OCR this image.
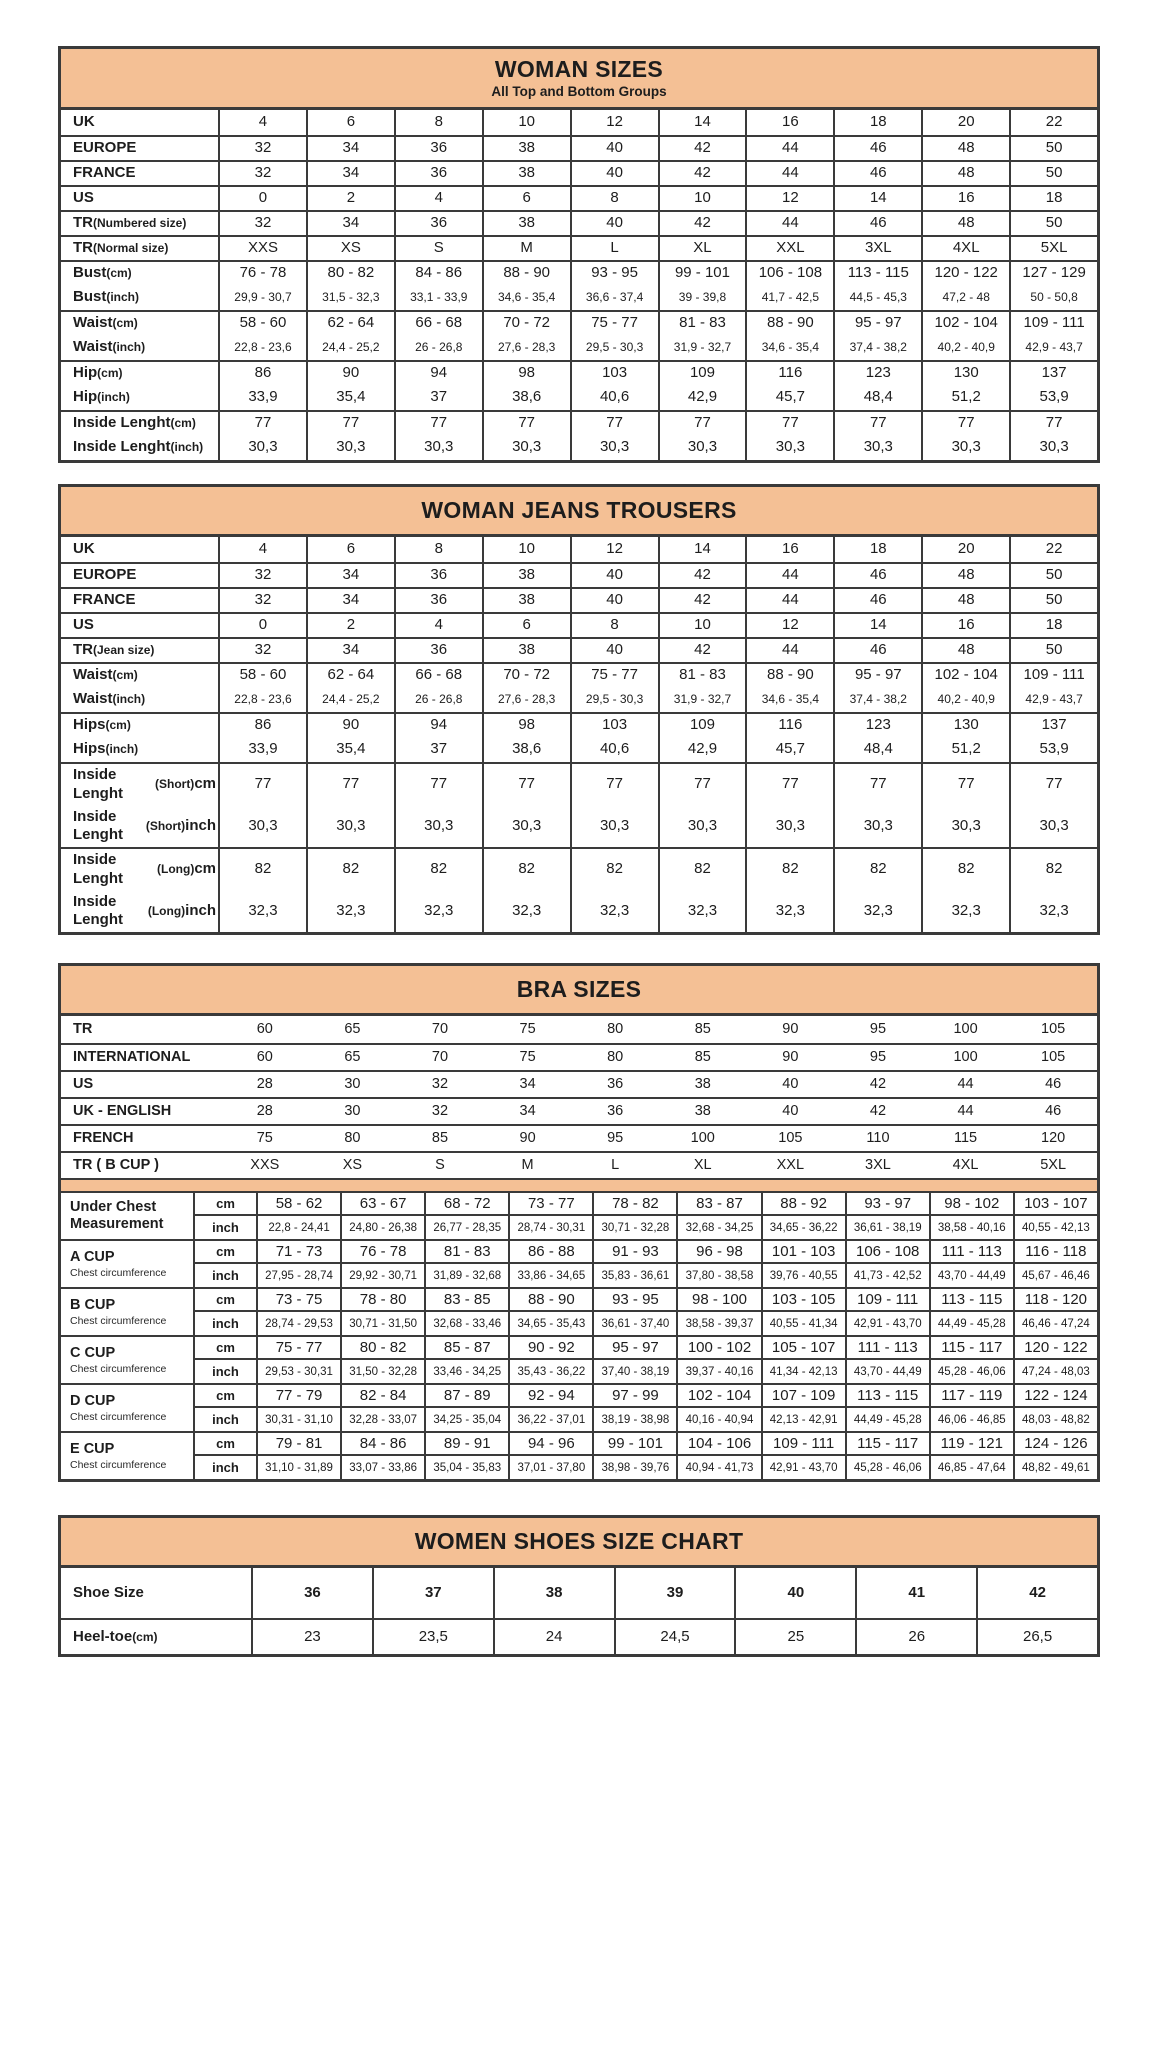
WOMAN SIZES
All Top and Bottom Groups
UK	4	6	8	10	12	14	16	18	20	22
EUROPE	32	34	36	38	40	42	44	46	48	50
FRANCE	32	34	36	38	40	42	44	46	48	50
US	0	2	4	6	8	10	12	14	16	18
TR (Numbered size)	32	34	36	38	40	42	44	46	48	50
TR (Normal size)	XXS	XS	S	M	L	XL	XXL	3XL	4XL	5XL
Bust (cm)	76 - 78	80 - 82	84 - 86	88 - 90	93 - 95	99 - 101	106 - 108	113 - 115	120 - 122	127 - 129
Bust (inch)	29,9 - 30,7	31,5 - 32,3	33,1 - 33,9	34,6 - 35,4	36,6 - 37,4	39 - 39,8	41,7 - 42,5	44,5 - 45,3	47,2 - 48	50 - 50,8
Waist (cm)	58 - 60	62 - 64	66 - 68	70 - 72	75 - 77	81 - 83	88 - 90	95 - 97	102 - 104	109 - 111
Waist (inch)	22,8 - 23,6	24,4 - 25,2	26 - 26,8	27,6 - 28,3	29,5 - 30,3	31,9 - 32,7	34,6 - 35,4	37,4 - 38,2	40,2 - 40,9	42,9 - 43,7
Hip (cm)	86	90	94	98	103	109	116	123	130	137
Hip (inch)	33,9	35,4	37	38,6	40,6	42,9	45,7	48,4	51,2	53,9
Inside Lenght (cm)	77	77	77	77	77	77	77	77	77	77
Inside Lenght (inch)	30,3	30,3	30,3	30,3	30,3	30,3	30,3	30,3	30,3	30,3
WOMAN JEANS TROUSERS
UK	4	6	8	10	12	14	16	18	20	22
EUROPE	32	34	36	38	40	42	44	46	48	50
FRANCE	32	34	36	38	40	42	44	46	48	50
US	0	2	4	6	8	10	12	14	16	18
TR (Jean size)	32	34	36	38	40	42	44	46	48	50
Waist (cm)	58 - 60	62 - 64	66 - 68	70 - 72	75 - 77	81 - 83	88 - 90	95 - 97	102 - 104	109 - 111
Waist (inch)	22,8 - 23,6	24,4 - 25,2	26 - 26,8	27,6 - 28,3	29,5 - 30,3	31,9 - 32,7	34,6 - 35,4	37,4 - 38,2	40,2 - 40,9	42,9 - 43,7
Hips (cm)	86	90	94	98	103	109	116	123	130	137
Hips (inch)	33,9	35,4	37	38,6	40,6	42,9	45,7	48,4	51,2	53,9
Inside Lenght
(Short) cm	77	77	77	77	77	77	77	77	77	77
Inside Lenght
(Short) inch	30,3	30,3	30,3	30,3	30,3	30,3	30,3	30,3	30,3	30,3
Inside Lenght
(Long) cm	82	82	82	82	82	82	82	82	82	82
Inside Lenght
(Long) inch	32,3	32,3	32,3	32,3	32,3	32,3	32,3	32,3	32,3	32,3
BRA SIZES
TR	60	65	70	75	80	85	90	95	100	105
INTERNATIONAL	60	65	70	75	80	85	90	95	100	105
US	28	30	32	34	36	38	40	42	44	46
UK - ENGLISH	28	30	32	34	36	38	40	42	44	46
FRENCH	75	80	85	90	95	100	105	110	115	120
TR ( B CUP )	XXS	XS	S	M	L	XL	XXL	3XL	4XL	5XL
Under Chest Measurement
cm	58 - 62	63 - 67	68 - 72	73 - 77	78 - 82	83 - 87	88 - 92	93 - 97	98 - 102	103 - 107
inch	22,8 - 24,41	24,80 - 26,38	26,77 - 28,35	28,74 - 30,31	30,71 - 32,28	32,68 - 34,25	34,65 - 36,22	36,61 - 38,19	38,58 - 40,16	40,55 - 42,13
A CUP
Chest circumference
cm	71 - 73	76 - 78	81 - 83	86 - 88	91 - 93	96 - 98	101 - 103	106 - 108	111 - 113	116 - 118
inch	27,95 - 28,74	29,92 - 30,71	31,89 - 32,68	33,86 - 34,65	35,83 - 36,61	37,80 - 38,58	39,76 - 40,55	41,73 - 42,52	43,70 - 44,49	45,67 - 46,46
B CUP
Chest circumference
cm	73 - 75	78 - 80	83 - 85	88 - 90	93 - 95	98 - 100	103 - 105	109 - 111	113 - 115	118 - 120
inch	28,74 - 29,53	30,71 - 31,50	32,68 - 33,46	34,65 - 35,43	36,61 - 37,40	38,58 - 39,37	40,55 - 41,34	42,91 - 43,70	44,49 - 45,28	46,46 - 47,24
C CUP
Chest circumference
cm	75 - 77	80 - 82	85 - 87	90 - 92	95 - 97	100 - 102	105 - 107	111 - 113	115 - 117	120 - 122
inch	29,53 - 30,31	31,50 - 32,28	33,46 - 34,25	35,43 - 36,22	37,40 - 38,19	39,37 - 40,16	41,34 - 42,13	43,70 - 44,49	45,28 - 46,06	47,24 - 48,03
D CUP
Chest circumference
cm	77 - 79	82 - 84	87 - 89	92 - 94	97 - 99	102 - 104	107 - 109	113 - 115	117 - 119	122 - 124
inch	30,31 - 31,10	32,28 - 33,07	34,25 - 35,04	36,22 - 37,01	38,19 - 38,98	40,16 - 40,94	42,13 - 42,91	44,49 - 45,28	46,06 - 46,85	48,03 - 48,82
E CUP
Chest circumference
cm	79 - 81	84 - 86	89 - 91	94 - 96	99 - 101	104 - 106	109 - 111	115 - 117	119 - 121	124 - 126
inch	31,10 - 31,89	33,07 - 33,86	35,04 - 35,83	37,01 - 37,80	38,98 - 39,76	40,94 - 41,73	42,91 - 43,70	45,28 - 46,06	46,85 - 47,64	48,82 - 49,61
WOMEN SHOES SIZE CHART
Shoe Size	36	37	38	39	40	41	42
Heel-toe (cm)	23	23,5	24	24,5	25	26	26,5
